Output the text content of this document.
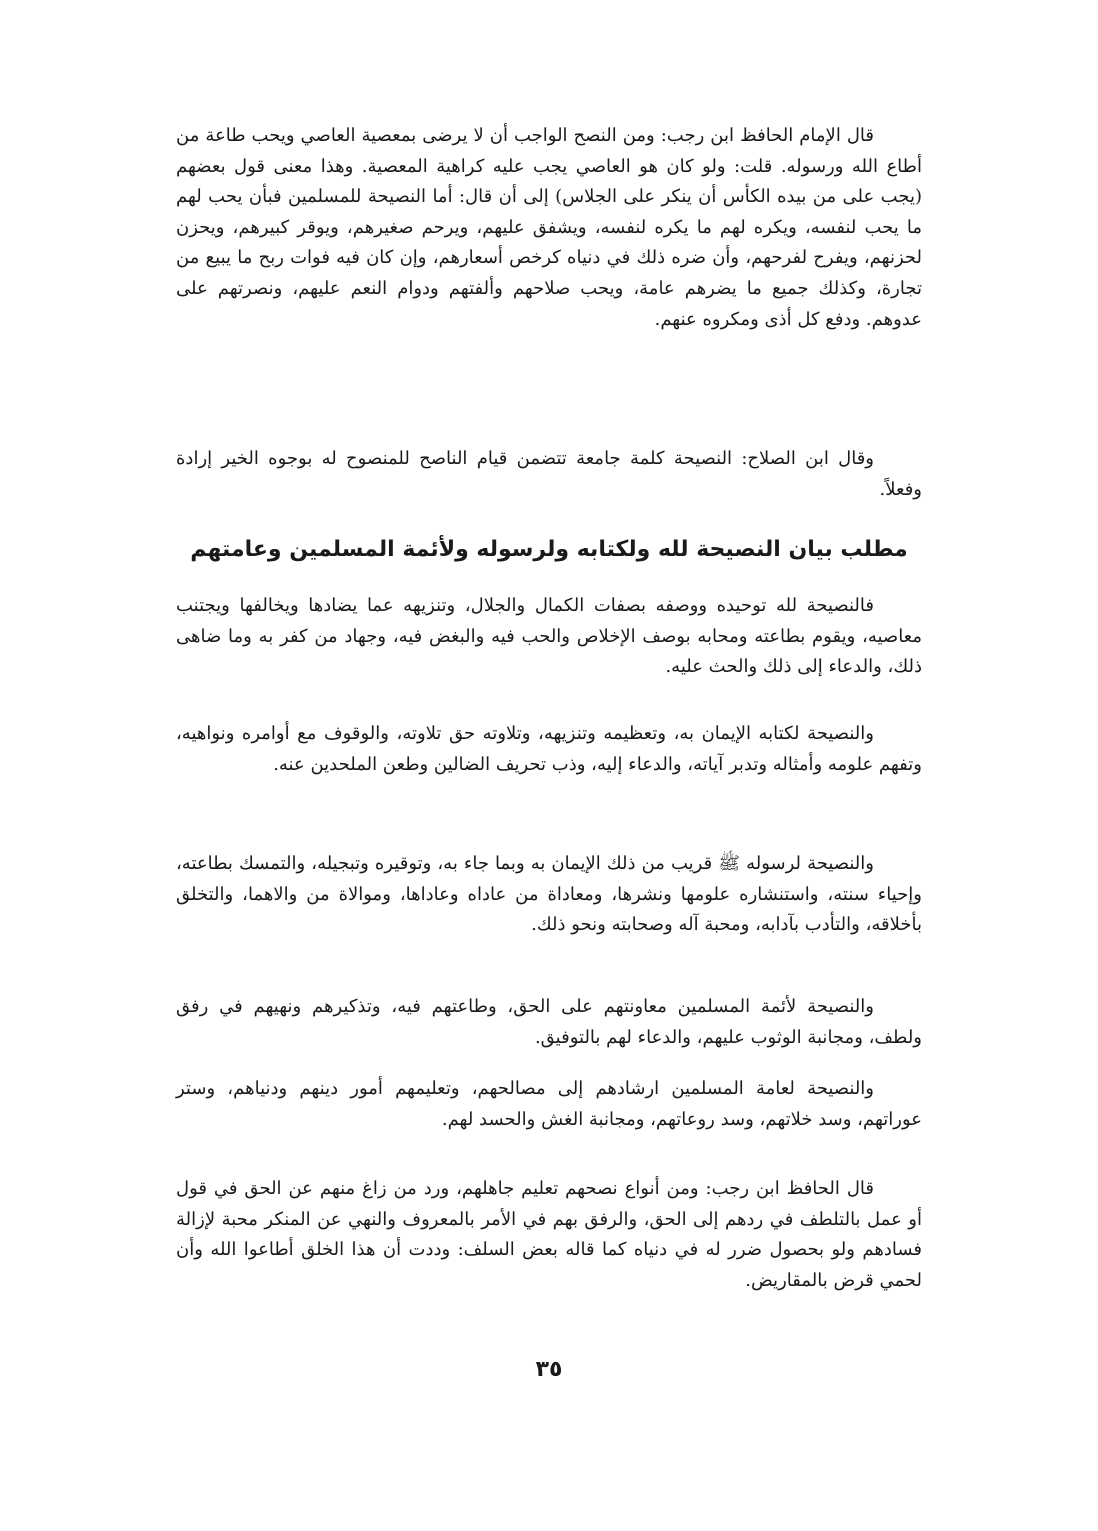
قال الإمام الحافظ ابن رجب: ومن النصح الواجب أن لا يرضى بمعصية العاصي ويحب طاعة من أطاع الله ورسوله. قلت: ولو كان هو العاصي يجب عليه كراهية المعصية. وهذا معنى قول بعضهم (يجب على من بيده الكأس أن ينكر على الجلاس) إلى أن قال: أما النصيحة للمسلمين فبأن يحب لهم ما يحب لنفسه، ويكره لهم ما يكره لنفسه، ويشفق عليهم، ويرحم صغيرهم، ويوقر كبيرهم، ويحزن لحزنهم، ويفرح لفرحهم، وأن ضره ذلك في دنياه كرخص أسعارهم، وإن كان فيه فوات ربح ما يبيع من تجارة، وكذلك جميع ما يضرهم عامة، ويحب صلاحهم وألفتهم ودوام النعم عليهم، ونصرتهم على عدوهم. ودفع كل أذى ومكروه عنهم.

وقال ابن الصلاح: النصيحة كلمة جامعة تتضمن قيام الناصح للمنصوح له بوجوه الخير إرادة وفعلاً.

مطلب بيان النصيحة لله ولكتابه ولرسوله ولأئمة المسلمين وعامتهم

فالنصيحة لله توحيده ووصفه بصفات الكمال والجلال، وتنزيهه عما يضادها ويخالفها ويجتنب معاصيه، ويقوم بطاعته ومحابه بوصف الإخلاص والحب فيه والبغض فيه، وجهاد من كفر به وما ضاهى ذلك، والدعاء إلى ذلك والحث عليه.

والنصيحة لكتابه الإيمان به، وتعظيمه وتنزيهه، وتلاوته حق تلاوته، والوقوف مع أوامره ونواهيه، وتفهم علومه وأمثاله وتدبر آياته، والدعاء إليه، وذب تحريف الضالين وطعن الملحدين عنه.

والنصيحة لرسوله ﷺ قريب من ذلك الإيمان به وبما جاء به، وتوقيره وتبجيله، والتمسك بطاعته، وإحياء سنته، واستنشاره علومها ونشرها، ومعاداة من عاداه وعاداها، وموالاة من والاهما، والتخلق بأخلاقه، والتأدب بآدابه، ومحبة آله وصحابته ونحو ذلك.

والنصيحة لأئمة المسلمين معاونتهم على الحق، وطاعتهم فيه، وتذكيرهم ونهيهم في رفق ولطف، ومجانبة الوثوب عليهم، والدعاء لهم بالتوفيق.

والنصيحة لعامة المسلمين ارشادهم إلى مصالحهم، وتعليمهم أمور دينهم ودنياهم، وستر عوراتهم، وسد خلاتهم، وسد روعاتهم، ومجانبة الغش والحسد لهم.

قال الحافظ ابن رجب: ومن أنواع نصحهم تعليم جاهلهم، ورد من زاغ منهم عن الحق في قول أو عمل بالتلطف في ردهم إلى الحق، والرفق بهم في الأمر بالمعروف والنهي عن المنكر محبة لإزالة فسادهم ولو بحصول ضرر له في دنياه كما قاله بعض السلف: وددت أن هذا الخلق أطاعوا الله وأن لحمي قرض بالمقاريض.

٣٥
